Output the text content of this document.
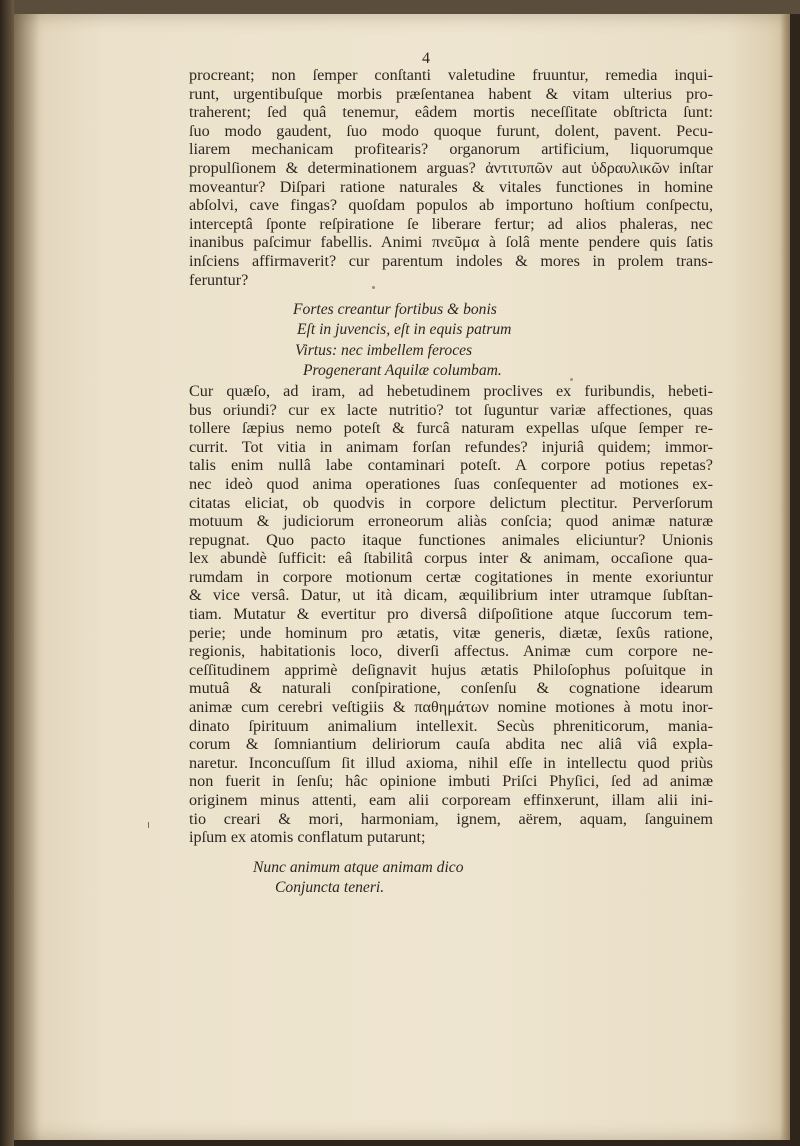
4

procreant; non ſemper conſtanti valetudine fruuntur, remedia inqui-
runt, urgentibuſque morbis præſentanea habent & vitam ulterius pro-
traherent; ſed quâ tenemur, eâdem mortis neceſſitate obſtricta ſunt:
ſuo modo gaudent, ſuo modo quoque furunt, dolent, pavent. Pecu-
liarem mechanicam profitearis? organorum artificium, liquorumque
propulſionem & determinationem arguas? ἀντιτυπῶν aut ὑδραυλικῶν inſtar
moveantur? Diſpari ratione naturales & vitales functiones in homine
abſolvi, cave fingas? quoſdam populos ab importuno hoſtium conſpectu,
interceptâ ſponte reſpiratione ſe liberare fertur; ad alios phaleras, nec
inanibus paſcimur fabellis. Animi πνεῦμα à ſolâ mente pendere quis ſatis
inſciens affirmaverit? cur parentum indoles & mores in prolem trans-
feruntur?

Fortes creantur fortibus & bonis
Eſt in juvencis, eſt in equis patrum
Virtus: nec imbellem feroces
Progenerant Aquilæ columbam.

Cur quæſo, ad iram, ad hebetudinem proclives ex furibundis, hebeti-
bus oriundi? cur ex lacte nutritio? tot ſuguntur variæ affectiones, quas
tollere ſæpius nemo poteſt & furcâ naturam expellas uſque ſemper re-
currit. Tot vitia in animam forſan refundes? injuriâ quidem; immor-
talis enim nullâ labe contaminari poteſt. A corpore potius repetas?
nec ideò quod anima operationes ſuas conſequenter ad motiones ex-
citatas eliciat, ob quodvis in corpore delictum plectitur. Perverſorum
motuum & judiciorum erroneorum aliàs conſcia; quod animæ naturæ
repugnat. Quo pacto itaque functiones animales eliciuntur? Unionis
lex abundè ſufficit: eâ ſtabilitâ corpus inter & animam, occaſione qua-
rumdam in corpore motionum certæ cogitationes in mente exoriuntur
& vice versâ. Datur, ut ità dicam, æquilibrium inter utramque ſubſtan-
tiam. Mutatur & evertitur pro diversâ diſpoſitione atque ſuccorum tem-
perie; unde hominum pro ætatis, vitæ generis, diætæ, ſexûs ratione,
regionis, habitationis loco, diverſi affectus. Animæ cum corpore ne-
ceſſitudinem apprimè deſignavit hujus ætatis Philoſophus poſuitque in
mutuâ & naturali conſpiratione, conſenſu & cognatione idearum
animæ cum cerebri veſtigiis & παθημάτων nomine motiones à motu inor-
dinato ſpirituum animalium intellexit. Secùs phreniticorum, mania-
corum & ſomniantium deliriorum cauſa abdita nec aliâ viâ expla-
naretur. Inconcuſſum ſit illud axioma, nihil eſſe in intellectu quod priùs
non fuerit in ſenſu; hâc opinione imbuti Priſci Phyſici, ſed ad animæ
originem minus attenti, eam alii corpoream effinxerunt, illam alii ini-
tio creari & mori, harmoniam, ignem, aërem, aquam, ſanguinem
ipſum ex atomis conflatum putarunt;

Nunc animum atque animam dico
Conjuncta teneri.
